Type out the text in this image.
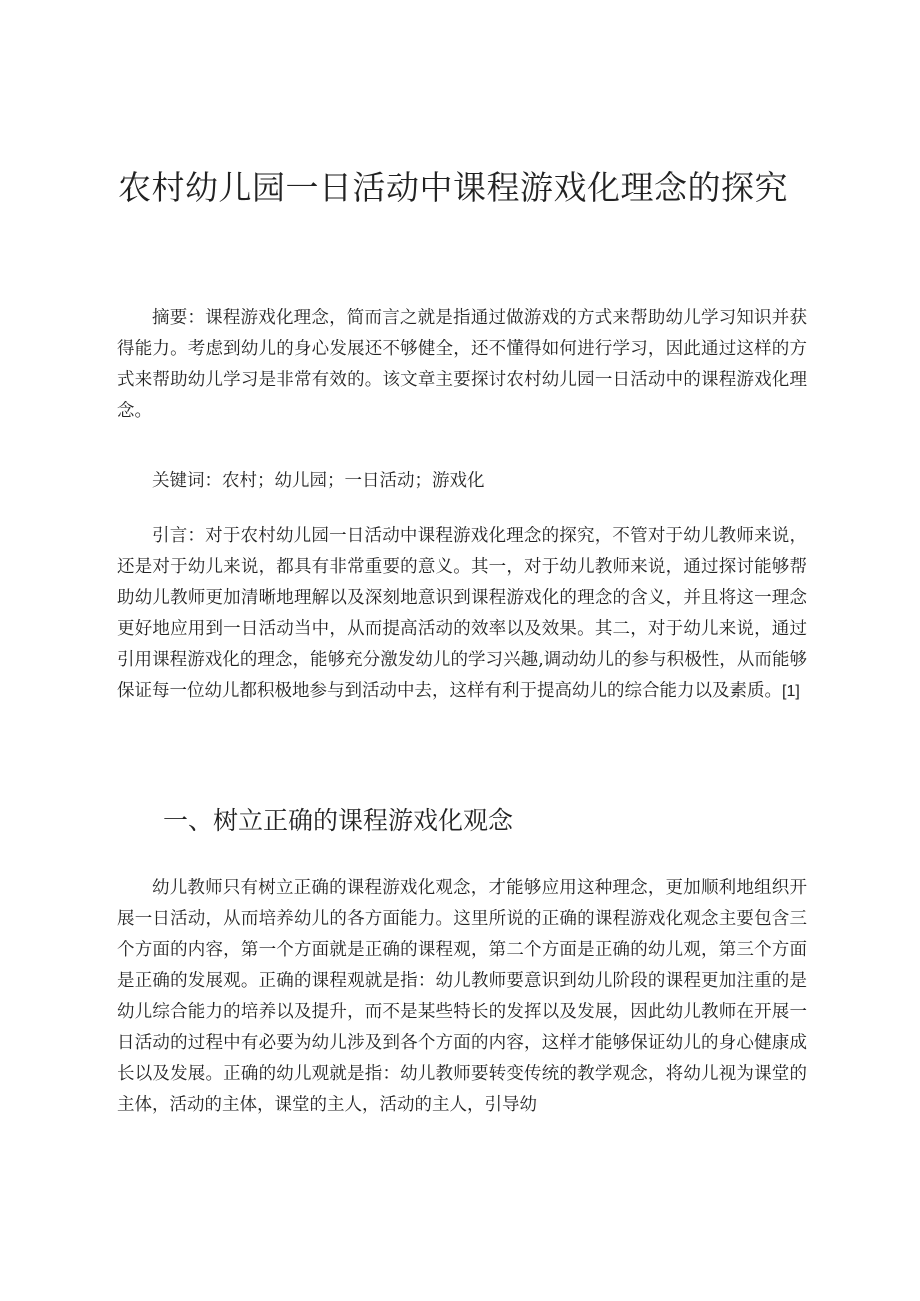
农村幼儿园一日活动中课程游戏化理念的探究

摘要：课程游戏化理念，简而言之就是指通过做游戏的方式来帮助幼儿学习知识并获得能力。考虑到幼儿的身心发展还不够健全，还不懂得如何进行学习，因此通过这样的方式来帮助幼儿学习是非常有效的。该文章主要探讨农村幼儿园一日活动中的课程游戏化理念。

关键词：农村；幼儿园；一日活动；游戏化

引言：对于农村幼儿园一日活动中课程游戏化理念的探究，不管对于幼儿教师来说，还是对于幼儿来说，都具有非常重要的意义。其一，对于幼儿教师来说，通过探讨能够帮助幼儿教师更加清晰地理解以及深刻地意识到课程游戏化的理念的含义，并且将这一理念更好地应用到一日活动当中，从而提高活动的效率以及效果。其二，对于幼儿来说，通过引用课程游戏化的理念，能够充分激发幼儿的学习兴趣,调动幼儿的参与积极性，从而能够保证每一位幼儿都积极地参与到活动中去，这样有利于提高幼儿的综合能力以及素质。[1]

一、树立正确的课程游戏化观念

幼儿教师只有树立正确的课程游戏化观念，才能够应用这种理念，更加顺利地组织开展一日活动，从而培养幼儿的各方面能力。这里所说的正确的课程游戏化观念主要包含三个方面的内容，第一个方面就是正确的课程观，第二个方面是正确的幼儿观，第三个方面是正确的发展观。正确的课程观就是指：幼儿教师要意识到幼儿阶段的课程更加注重的是幼儿综合能力的培养以及提升，而不是某些特长的发挥以及发展，因此幼儿教师在开展一日活动的过程中有必要为幼儿涉及到各个方面的内容，这样才能够保证幼儿的身心健康成长以及发展。正确的幼儿观就是指：幼儿教师要转变传统的教学观念，将幼儿视为课堂的主体，活动的主体，课堂的主人，活动的主人，引导幼
